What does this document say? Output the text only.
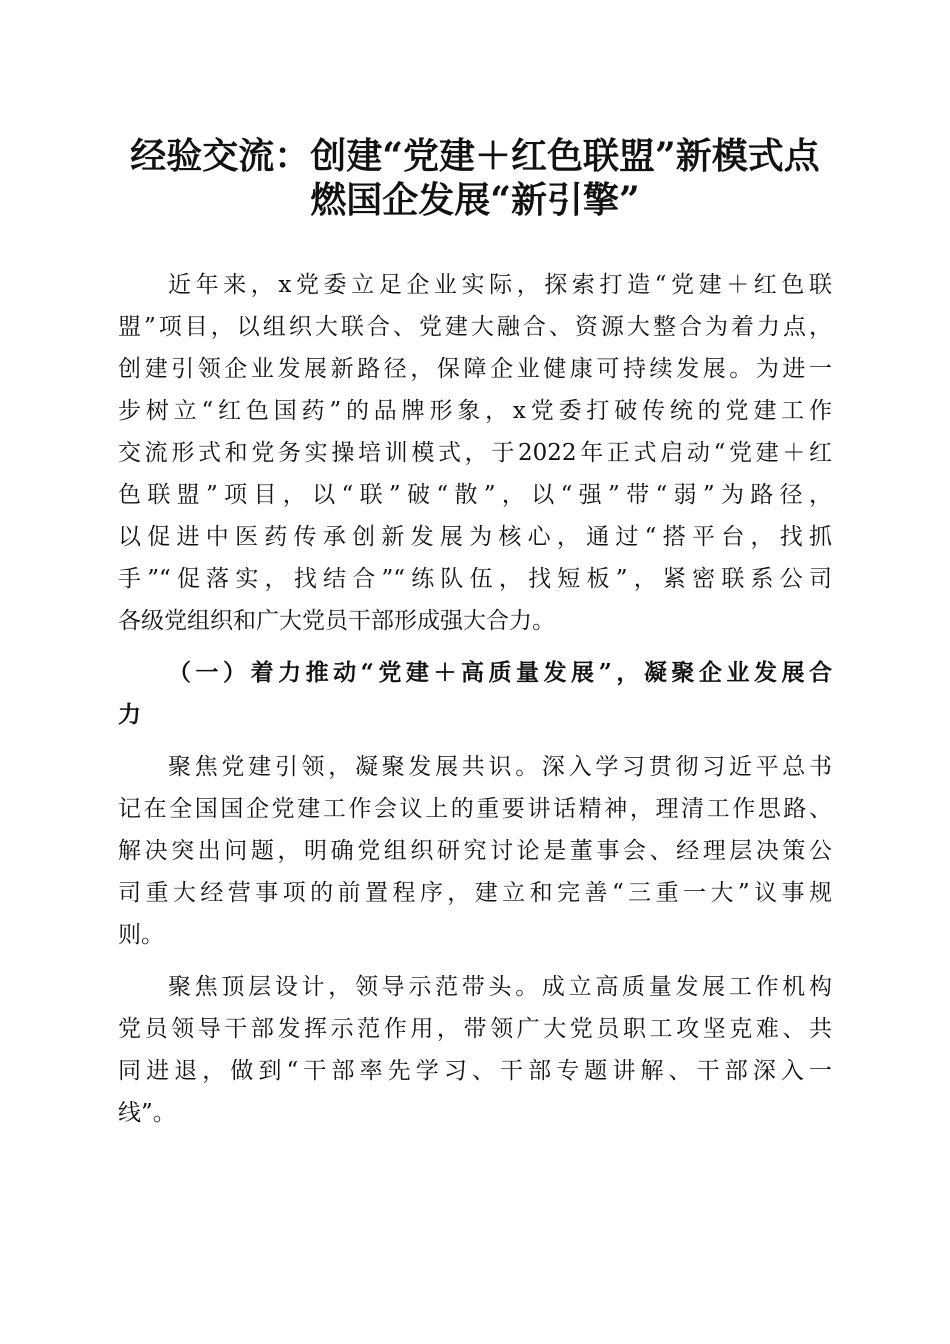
经验交流：创建“党建＋红色联盟”新模式点
燃国企发展“新引擎”
近年来，x党委立足企业实际，探索打造“党建＋红色联
盟”项目，以组织大联合、党建大融合、资源大整合为着力点，
创建引领企业发展新路径，保障企业健康可持续发展。为进一
步树立“红色国药”的品牌形象，x党委打破传统的党建工作
交流形式和党务实操培训模式，于2022年正式启动“党建＋红
色联盟”项目，以“联”破“散”，以“强”带“弱”为路径，
以促进中医药传承创新发展为核心，通过“搭平台，找抓
手”“促落实，找结合”“练队伍，找短板”，紧密联系公司
各级党组织和广大党员干部形成强大合力。
（一）着力推动“党建＋高质量发展”，凝聚企业发展合
力
聚焦党建引领，凝聚发展共识。深入学习贯彻习近平总书
记在全国国企党建工作会议上的重要讲话精神，理清工作思路、
解决突出问题，明确党组织研究讨论是董事会、经理层决策公
司重大经营事项的前置程序，建立和完善“三重一大”议事规
则。
聚焦顶层设计，领导示范带头。成立高质量发展工作机构
党员领导干部发挥示范作用，带领广大党员职工攻坚克难、共
同进退，做到“干部率先学习、干部专题讲解、干部深入一
线”。
